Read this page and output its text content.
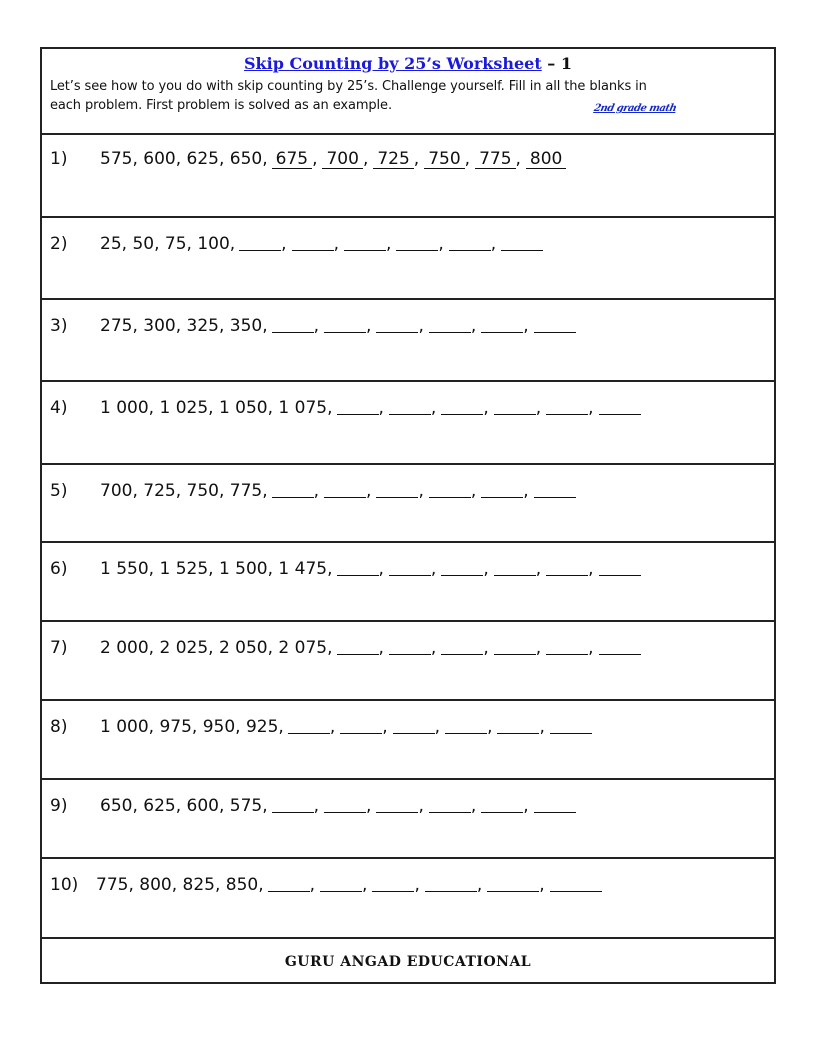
Skip Counting by 25’s Worksheet – 1
Let’s see how to you do with skip counting by 25’s. Challenge yourself. Fill in all the blanks in
each problem. First problem is solved as an example.	2nd grade math
1)	575, 600, 625, 650, 675 , 700 , 725 , 750 , 775 , 800
2)	25, 50, 75, 100,	,	,	,	,	,
3)	275, 300, 325, 350,	,	,	,	,	,
4)	1 000, 1 025, 1 050, 1 075,	,	,	,	,	,
5)	700, 725, 750, 775,	,	,	,	,	,
6)	1 550, 1 525, 1 500, 1 475,	,	,	,	,	,
7)	2 000, 2 025, 2 050, 2 075,	,	,	,	,	,
8)	1 000, 975, 950, 925,	,	,	,	,	,
9)	650, 625, 600, 575,	,	,	,	,	,
10)	775, 800, 825, 850,	,	,	,	,	,
GURU ANGAD EDUCATIONAL
